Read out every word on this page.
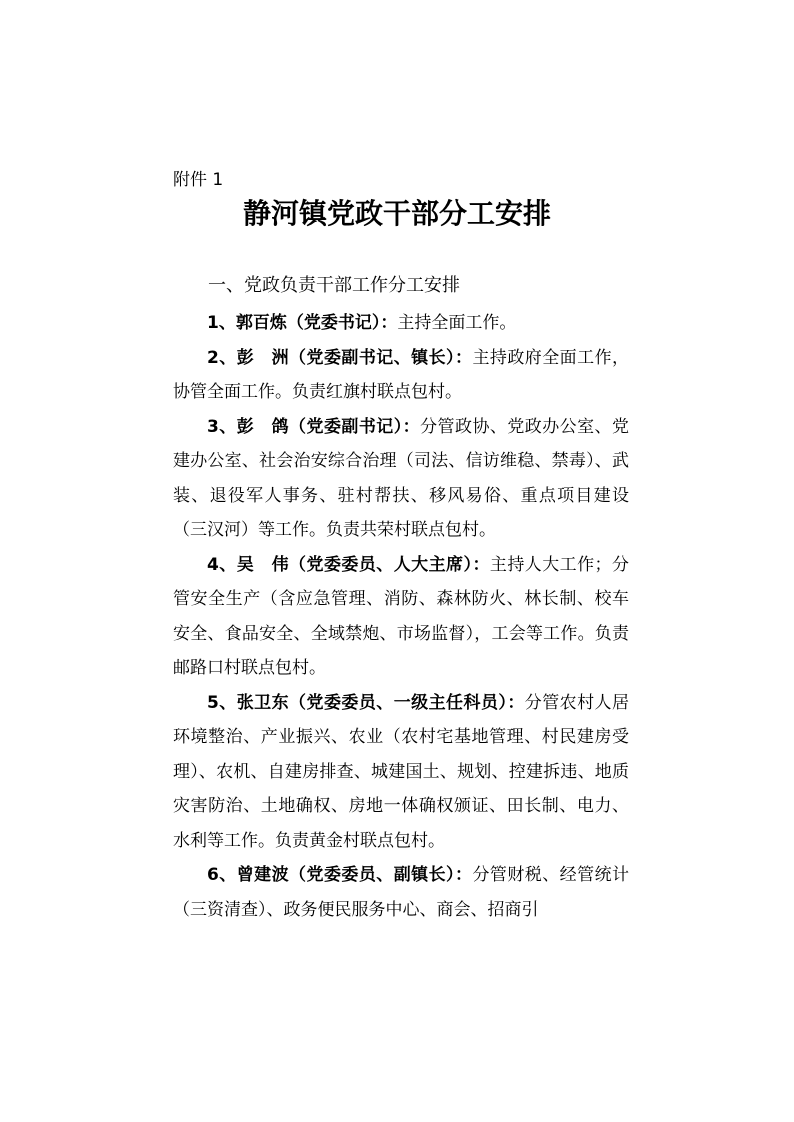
附件 1
静河镇党政干部分工安排
一、党政负责干部工作分工安排

1、郭百炼（党委书记）：主持全面工作。

2、彭　洲（党委副书记、镇长）：主持政府全面工作，协管全面工作。负责红旗村联点包村。

3、彭　鸽（党委副书记）：分管政协、党政办公室、党建办公室、社会治安综合治理（司法、信访维稳、禁毒）、武装、退役军人事务、驻村帮扶、移风易俗、重点项目建设（三汉河）等工作。负责共荣村联点包村。

4、吴　伟（党委委员、人大主席）：主持人大工作；分管安全生产（含应急管理、消防、森林防火、林长制、校车安全、食品安全、全域禁炮、市场监督），工会等工作。负责邮路口村联点包村。

5、张卫东（党委委员、一级主任科员）：分管农村人居环境整治、产业振兴、农业（农村宅基地管理、村民建房受理）、农机、自建房排查、城建国土、规划、控建拆违、地质灾害防治、土地确权、房地一体确权颁证、田长制、电力、水利等工作。负责黄金村联点包村。

6、曾建波（党委委员、副镇长）：分管财税、经管统计（三资清查）、政务便民服务中心、商会、招商引
